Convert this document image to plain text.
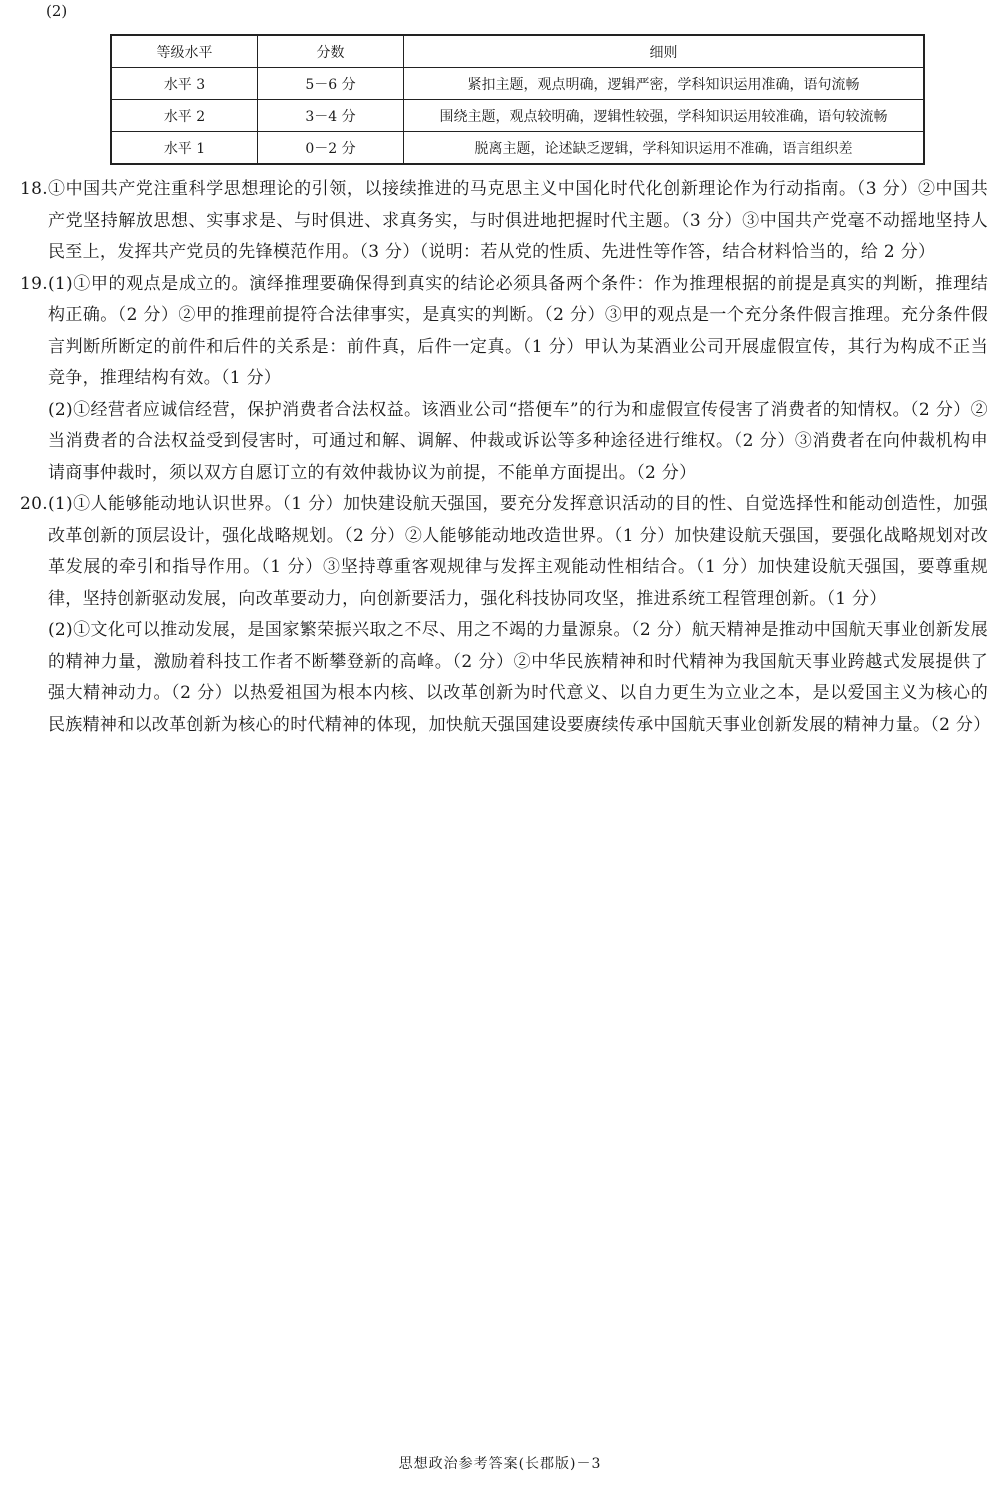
(2)
等级水平	分数	细则
水平 3	5－6 分	紧扣主题，观点明确，逻辑严密，学科知识运用准确，语句流畅
水平 2	3－4 分	围绕主题，观点较明确，逻辑性较强，学科知识运用较准确，语句较流畅
水平 1	0－2 分	脱离主题，论述缺乏逻辑，学科知识运用不准确，语言组织差
18. ①中国共产党注重科学思想理论的引领，以接续推进的马克思主义中国化时代化创新理论作为行动指南。（3 分）②中国共产党坚持解放思想、实事求是、与时俱进、求真务实，与时俱进地把握时代主题。（3 分）③中国共产党毫不动摇地坚持人民至上，发挥共产党员的先锋模范作用。（3 分）（说明：若从党的性质、先进性等作答，结合材料恰当的，给 2 分）

19. (1)①甲的观点是成立的。演绎推理要确保得到真实的结论必须具备两个条件：作为推理根据的前提是真实的判断，推理结构正确。（2 分）②甲的推理前提符合法律事实，是真实的判断。（2 分）③甲的观点是一个充分条件假言推理。充分条件假言判断所断定的前件和后件的关系是：前件真，后件一定真。（1 分）甲认为某酒业公司开展虚假宣传，其行为构成不正当竞争，推理结构有效。（1 分）

(2)①经营者应诚信经营，保护消费者合法权益。该酒业公司“搭便车”的行为和虚假宣传侵害了消费者的知情权。（2 分）②当消费者的合法权益受到侵害时，可通过和解、调解、仲裁或诉讼等多种途径进行维权。（2 分）③消费者在向仲裁机构申请商事仲裁时，须以双方自愿订立的有效仲裁协议为前提，不能单方面提出。（2 分）

20. (1)①人能够能动地认识世界。（1 分）加快建设航天强国，要充分发挥意识活动的目的性、自觉选择性和能动创造性，加强改革创新的顶层设计，强化战略规划。（2 分）②人能够能动地改造世界。（1 分）加快建设航天强国，要强化战略规划对改革发展的牵引和指导作用。（1 分）③坚持尊重客观规律与发挥主观能动性相结合。（1 分）加快建设航天强国，要尊重规律，坚持创新驱动发展，向改革要动力，向创新要活力，强化科技协同攻坚，推进系统工程管理创新。（1 分）

(2)①文化可以推动发展，是国家繁荣振兴取之不尽、用之不竭的力量源泉。（2 分）航天精神是推动中国航天事业创新发展的精神力量，激励着科技工作者不断攀登新的高峰。（2 分）②中华民族精神和时代精神为我国航天事业跨越式发展提供了强大精神动力。（2 分）以热爱祖国为根本内核、以改革创新为时代意义、以自力更生为立业之本，是以爱国主义为核心的民族精神和以改革创新为核心的时代精神的体现，加快航天强国建设要赓续传承中国航天事业创新发展的精神力量。（2 分）

思想政治参考答案(长郡版)－3
